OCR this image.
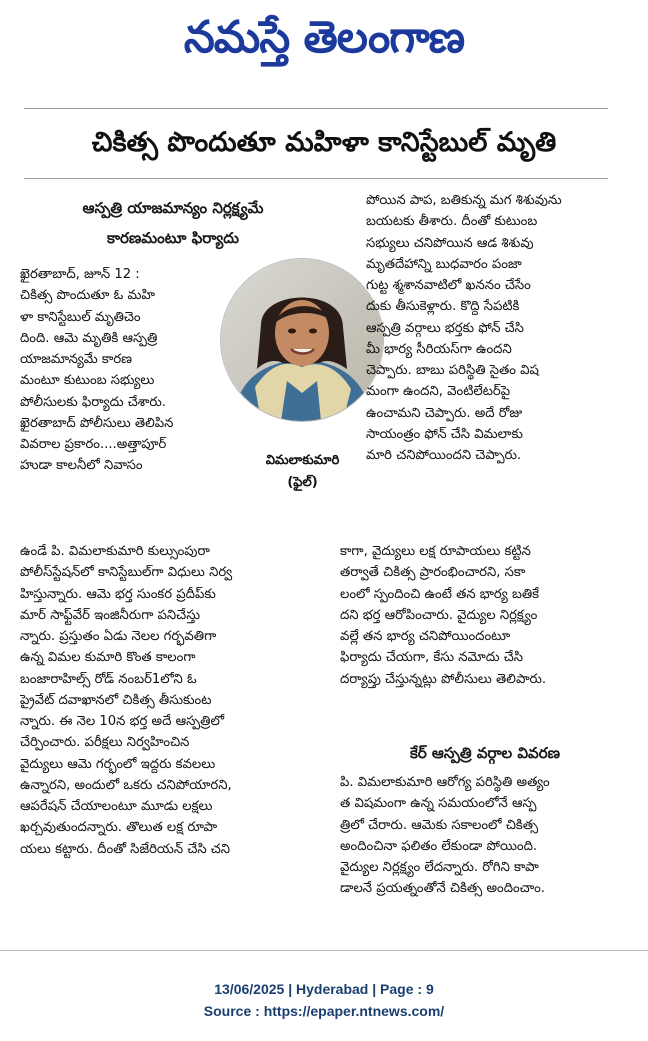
నమస్తే తెలంగాణ
చికిత్స పొందుతూ మహిళా కానిస్టేబుల్ మృతి
ఆస్పత్రి యాజమాన్యం నిర్లక్ష్యమే
కారణమంటూ ఫిర్యాదు
ఖైరతాబాద్, జూన్ 12 :
చికిత్స పొందుతూ ఓ మహి
ళా కానిస్టేబుల్ మృతిచెం
దింది. ఆమె మృతికి ఆస్పత్రి
యాజమాన్యమే కారణ
మంటూ కుటుంబ సభ్యులు
పోలీసులకు ఫిర్యాదు చేశారు.
ఖైరతాబాద్ పోలీసులు తెలిపిన
వివరాల ప్రకారం....అత్తాపూర్
హుడా కాలనీలో నివాసం
ఉండే పి. విమలాకుమారి కుల్సుంపురా
పోలీస్‌స్టేషన్‌లో కానిస్టేబుల్‌గా విధులు నిర్వ
హిస్తున్నారు. ఆమె భర్త సుంకర ప్రదీప్‌కు
మార్ సాఫ్ట్‌వేర్ ఇంజినీరుగా పనిచేస్తు
న్నారు. ప్రస్తుతం ఏడు నెలల గర్భవతిగా
ఉన్న విమల కుమారి కొంత కాలంగా
బంజారాహిల్స్ రోడ్ నంబర్1లోని ఓ
ప్రైవేట్ దవాఖానలో చికిత్స తీసుకుంట
న్నారు. ఈ నెల 10న భర్త అదే ఆస్పత్రిలో
చేర్పించారు. పరీక్షలు నిర్వహించిన
వైద్యులు ఆమె గర్భంలో ఇద్దరు కవలలు
ఉన్నారని, అందులో ఒకరు చనిపోయారని,
ఆపరేషన్ చేయాలంటూ మూడు లక్షలు
ఖర్చవుతుందన్నారు. తొలుత లక్ష రూపా
యలు కట్టారు. దీంతో సిజేరియన్ చేసి చని
విమలాకుమారి
(ఫైల్)
పోయిన పాప, బతికున్న మగ శిశువును
బయటకు తీశారు. దీంతో కుటుంబ
సభ్యులు చనిపోయిన ఆడ శిశువు
మృతదేహాన్ని బుధవారం పంజా
గుట్ట శ్మశానవాటిలో ఖననం చేసేం
దుకు తీసుకెళ్లారు. కొద్ది సేపటికి
ఆస్పత్రి వర్గాలు భర్తకు ఫోన్ చేసి
మీ భార్య సీరియస్‌గా ఉందని
చెప్పారు. బాబు పరిస్థితి సైతం విష
మంగా ఉందని, వెంటిలేటర్‌పై
ఉంచామని చెప్పారు. అదే రోజు
సాయంత్రం ఫోన్ చేసి విమలాకు
మారి చనిపోయిందని చెప్పారు.
కాగా, వైద్యులు లక్ష రూపాయలు కట్టిన
తర్వాతే చికిత్స ప్రారంభించారని, సకా
లంలో స్పందించి ఉంటే తన భార్య బతికే
దని భర్త ఆరోపించారు. వైద్యుల నిర్లక్ష్యం
వల్లే తన భార్య చనిపోయిందంటూ
ఫిర్యాదు చేయగా, కేసు నమోదు చేసి
దర్యాప్తు చేస్తున్నట్లు పోలీసులు తెలిపారు.
కేర్ ఆస్పత్రి వర్గాల వివరణ
పి. విమలాకుమారి ఆరోగ్య పరిస్థితి అత్యం
త విషమంగా ఉన్న సమయంలోనే ఆస్ప
త్రిలో చేరారు. ఆమెకు సకాలంలో చికిత్స
అందించినా ఫలితం లేకుండా పోయింది.
వైద్యుల నిర్లక్ష్యం లేదన్నారు. రోగిని కాపా
డాలనే ప్రయత్నంతోనే చికిత్స అందించాం.
13/06/2025 | Hyderabad | Page : 9
Source : https://epaper.ntnews.com/
